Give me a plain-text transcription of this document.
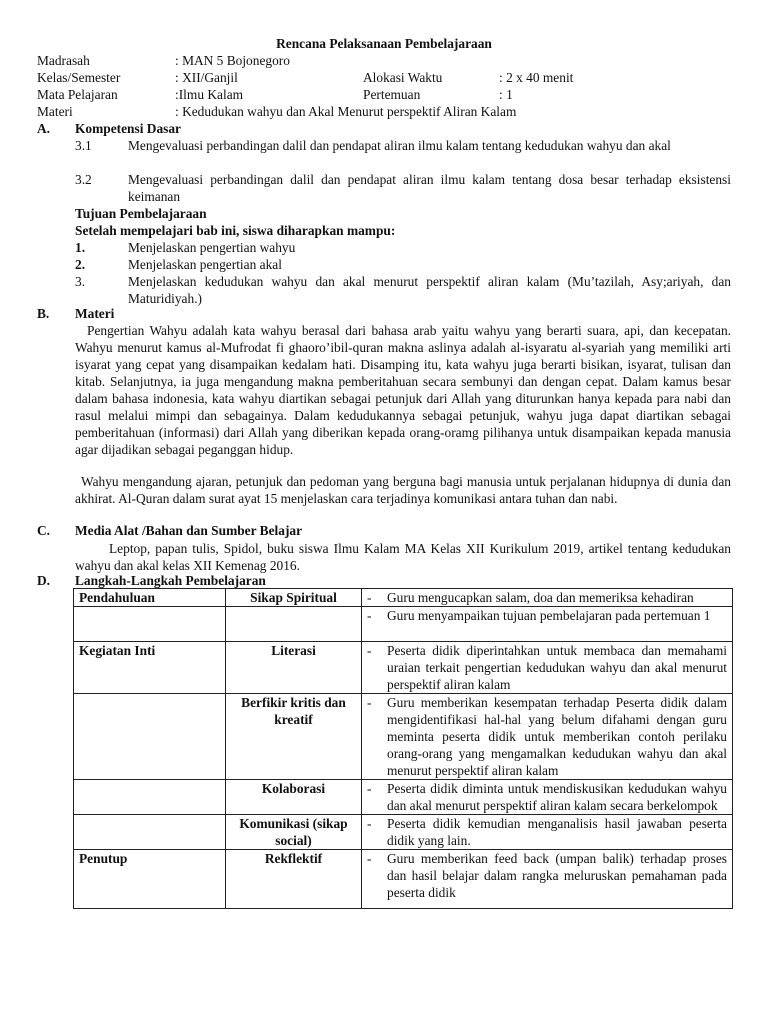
Rencana Pelaksanaan Pembelajaraan
Madrasah	: MAN 5 Bojonegoro
Kelas/Semester	: XII/Ganjil	Alokasi Waktu	: 2 x 40 menit
Mata Pelajaran	:Ilmu Kalam	Pertemuan	: 1
Materi	: Kedudukan wahyu dan Akal Menurut perspektif Aliran Kalam
A. Kompetensi Dasar
3.1	Mengevaluasi perbandingan dalil dan pendapat aliran ilmu kalam tentang kedudukan wahyu dan akal
3.2	Mengevaluasi perbandingan dalil dan pendapat aliran ilmu kalam tentang dosa besar terhadap eksistensi keimanan
Tujuan Pembelajaraan
Setelah mempelajari bab ini, siswa diharapkan mampu:
1.	Menjelaskan pengertian wahyu
2.	Menjelaskan pengertian akal
3.	Menjelaskan kedudukan wahyu dan akal menurut perspektif aliran kalam (Mu’tazilah, Asy;ariyah, dan Maturidiyah.)
B. Materi
Pengertian Wahyu adalah kata wahyu berasal dari bahasa arab yaitu wahyu yang berarti suara, api, dan kecepatan. Wahyu menurut kamus al-Mufrodat fi ghaoro’ibil-quran makna aslinya adalah al-isyaratu al-syariah yang memiliki arti isyarat yang cepat yang disampaikan kedalam hati. Disamping itu, kata wahyu juga berarti bisikan, isyarat, tulisan dan kitab. Selanjutnya, ia juga mengandung makna pemberitahuan secara sembunyi dan dengan cepat. Dalam kamus besar dalam bahasa indonesia, kata wahyu diartikan sebagai petunjuk dari Allah yang diturunkan hanya kepada para nabi dan rasul melalui mimpi dan sebagainya. Dalam kedudukannya sebagai petunjuk, wahyu juga dapat diartikan sebagai pemberitahuan (informasi) dari Allah yang diberikan kepada orang-oramg pilihanya untuk disampaikan kepada manusia agar dijadikan sebagai peganggan hidup.
Wahyu mengandung ajaran, petunjuk dan pedoman yang berguna bagi manusia untuk perjalanan hidupnya di dunia dan akhirat. Al-Quran dalam surat ayat 15 menjelaskan cara terjadinya komunikasi antara tuhan dan nabi.
C. Media Alat /Bahan dan Sumber Belajar
Leptop, papan tulis, Spidol, buku siswa Ilmu Kalam MA Kelas XII Kurikulum 2019, artikel tentang kedudukan wahyu dan akal kelas XII Kemenag 2016.
D. Langkah-Langkah Pembelajaran
Pendahuluan	Sikap Spiritual	- Guru mengucapkan salam, doa dan memeriksa kehadiran

		- Guru menyampaikan tujuan pembelajaran pada pertemuan 1

Kegiatan Inti	Literasi	- Peserta didik diperintahkan untuk membaca dan memahami uraian terkait pengertian kedudukan wahyu dan akal menurut perspektif aliran kalam

	Berfikir kritis dan kreatif	- Guru memberikan kesempatan terhadap Peserta didik dalam mengidentifikasi hal-hal yang belum difahami dengan guru meminta peserta didik untuk memberikan contoh perilaku orang-orang yang mengamalkan kedudukan wahyu dan akal menurut perspektif aliran kalam

	Kolaborasi	- Peserta didik diminta untuk mendiskusikan kedudukan wahyu dan akal menurut perspektif aliran kalam secara berkelompok

	Komunikasi (sikap social)	- Peserta didik kemudian menganalisis hasil jawaban peserta didik yang lain.

Penutup	Rekflektif	- Guru memberikan feed back (umpan balik) terhadap proses dan hasil belajar dalam rangka meluruskan pemahaman pada peserta didik
